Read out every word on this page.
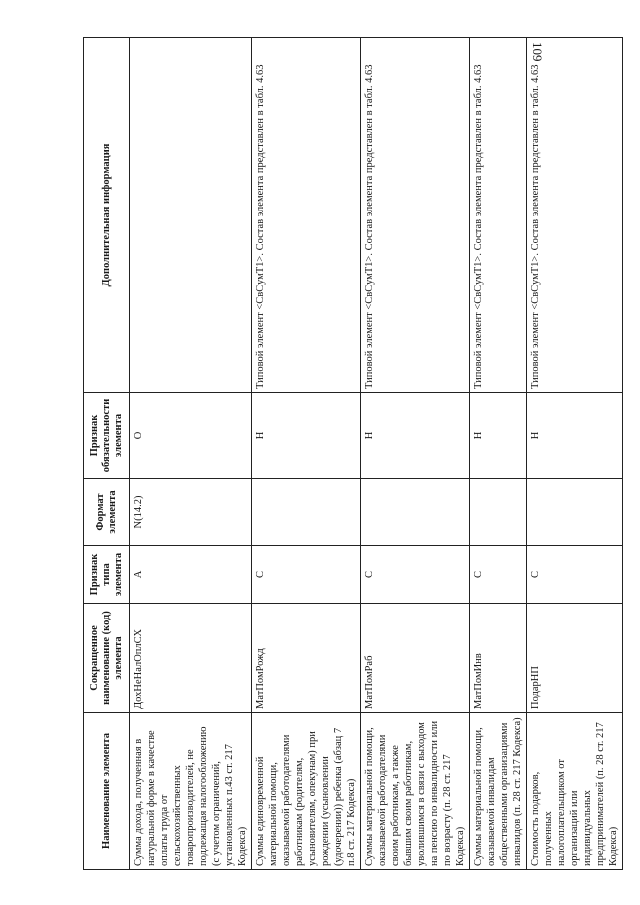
109
Наименование элемента	Сокращенное наименование (код) элемента	Признак типа элемента	Формат элемента	Признак обязательности элемента	Дополнительная информация
Сумма дохода, полученная в натуральной форме в качестве оплаты труда от сельскохозяйственных товаропроизводителей, не подлежащая налогообложению (с учетом ограничений, установленных п.43 ст. 217 Кодекса)	ДохНеНалОплСХ	А	N(14.2)	О	
Суммы единовременной материальной помощи, оказываемой работодателями работникам (родителям, усыновителям, опекунам) при рождении (усыновлении (удочерении)) ребенка (абзац 7 п.8 ст. 217 Кодекса)	МатПомРожд	С		Н	Типовой элемент <СвСумТ1>. Состав элемента представлен в табл. 4.63
Суммы материальной помощи, оказываемой работодателями своим работникам, а также бывшим своим работникам, уволившимся в связи с выходом на пенсию по инвалидности или по возрасту (п. 28 ст. 217 Кодекса)	МатПомРаб	С		Н	Типовой элемент <СвСумТ1>. Состав элемента представлен в табл. 4.63
Суммы материальной помощи, оказываемой инвалидам общественными организациями инвалидов (п. 28 ст. 217 Кодекса)	МатПомИнв	С		Н	Типовой элемент <СвСумТ1>. Состав элемента представлен в табл. 4.63
Стоимость подарков, полученных налогоплательщиком от организаций или индивидуальных предпринимателей (п. 28 ст. 217 Кодекса)	ПодарНП	С		Н	Типовой элемент <СвСумТ1>. Состав элемента представлен в табл. 4.63
